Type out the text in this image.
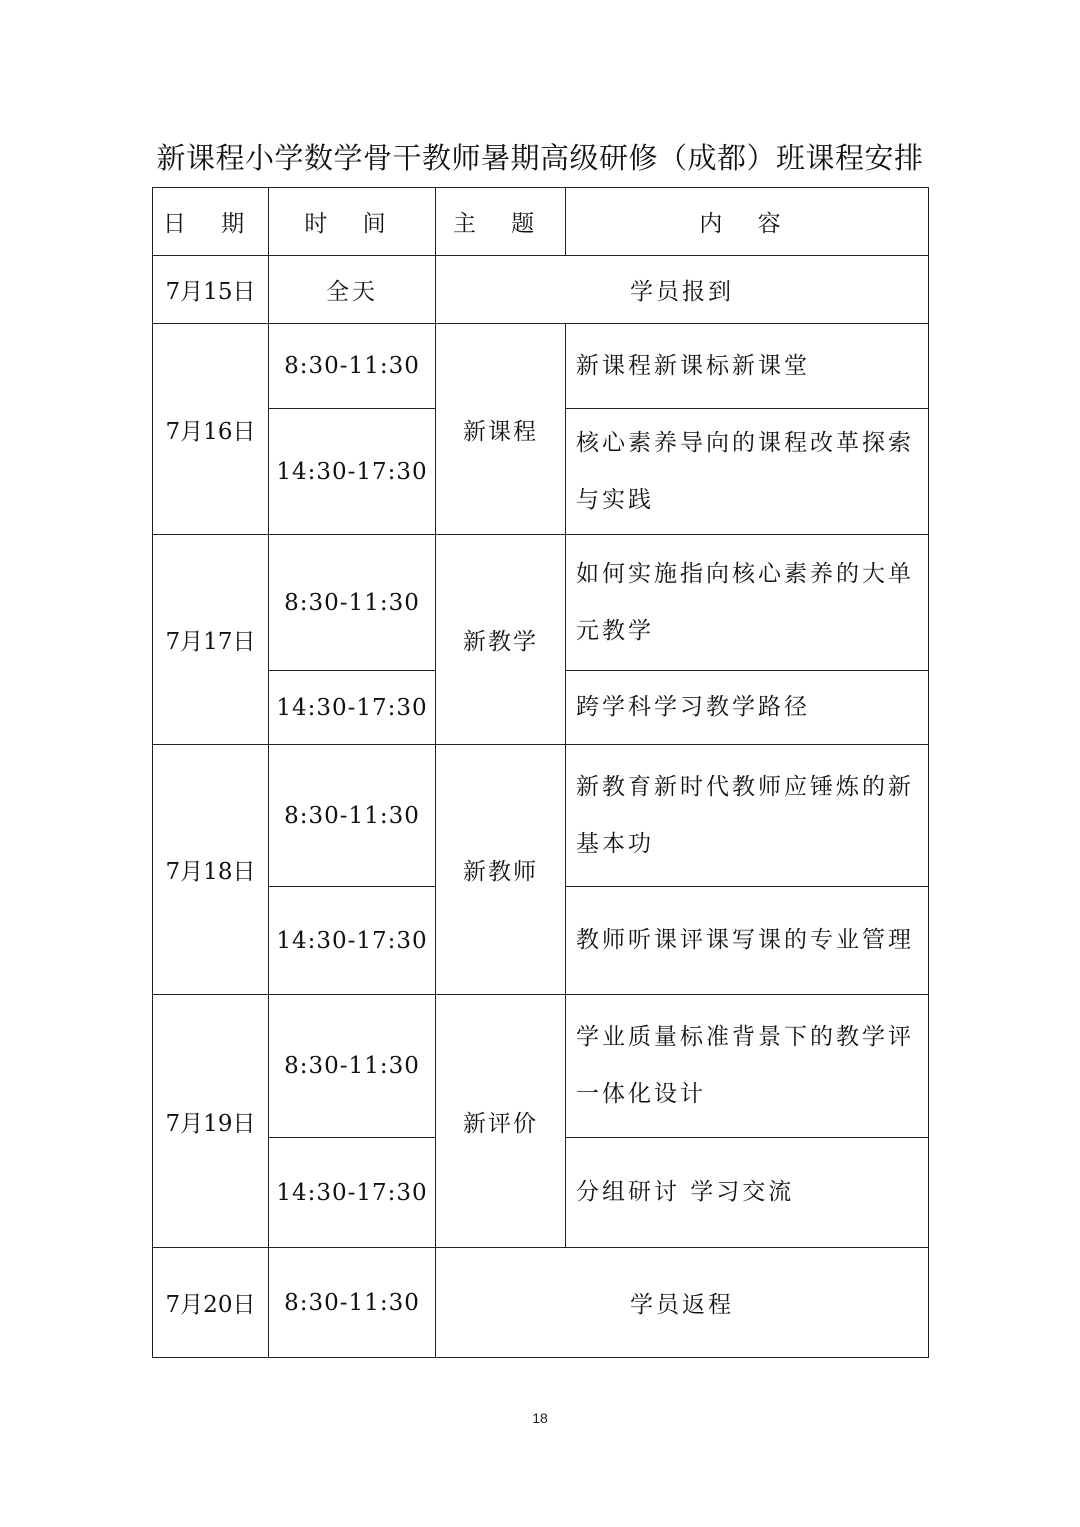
新课程小学数学骨干教师暑期高级研修（成都）班课程安排
日 期	时 间	主 题	内 容
7月15日	全天	学员报到	
7月16日	8:30-11:30	新课程	新课程新课标新课堂
	14:30-17:30		核心素养导向的课程改革探索与实践
7月17日	8:30-11:30	新教学	如何实施指向核心素养的大单元教学
	14:30-17:30		跨学科学习教学路径
7月18日	8:30-11:30	新教师	新教育新时代教师应锤炼的新基本功
	14:30-17:30		教师听课评课写课的专业管理
7月19日	8:30-11:30	新评价	学业质量标准背景下的教学评一体化设计
	14:30-17:30		分组研讨 学习交流
7月20日	8:30-11:30	学员返程	
18
